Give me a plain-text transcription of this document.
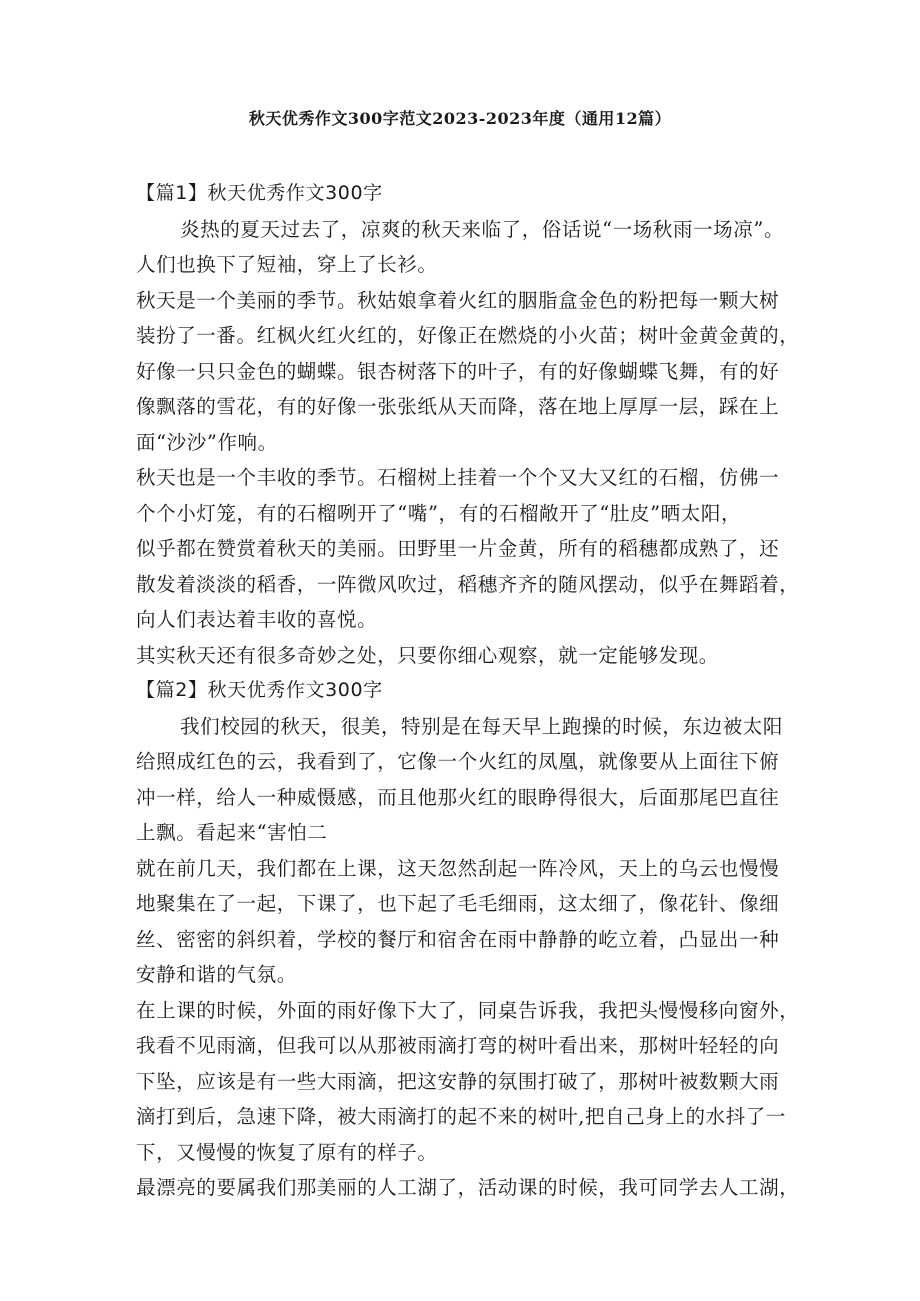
秋天优秀作文300字范文2023-2023年度（通用12篇）
【篇1】秋天优秀作文300字
炎热的夏天过去了，凉爽的秋天来临了，俗话说“一场秋雨一场凉”。
人们也换下了短袖，穿上了长衫。
秋天是一个美丽的季节。秋姑娘拿着火红的胭脂盒金色的粉把每一颗大树
装扮了一番。红枫火红火红的，好像正在燃烧的小火苗；树叶金黄金黄的，
好像一只只金色的蝴蝶。银杏树落下的叶子，有的好像蝴蝶飞舞，有的好
像飘落的雪花，有的好像一张张纸从天而降，落在地上厚厚一层，踩在上
面“沙沙”作响。
秋天也是一个丰收的季节。石榴树上挂着一个个又大又红的石榴，仿佛一
个个小灯笼，有的石榴咧开了“嘴”，有的石榴敞开了“肚皮”晒太阳，
似乎都在赞赏着秋天的美丽。田野里一片金黄，所有的稻穗都成熟了，还
散发着淡淡的稻香，一阵微风吹过，稻穗齐齐的随风摆动，似乎在舞蹈着，
向人们表达着丰收的喜悦。
其实秋天还有很多奇妙之处，只要你细心观察，就一定能够发现。
【篇2】秋天优秀作文300字
我们校园的秋天，很美，特别是在每天早上跑操的时候，东边被太阳
给照成红色的云，我看到了，它像一个火红的凤凰，就像要从上面往下俯
冲一样，给人一种威慑感，而且他那火红的眼睁得很大，后面那尾巴直往
上飘。看起来“害怕二
就在前几天，我们都在上课，这天忽然刮起一阵冷风，天上的乌云也慢慢
地聚集在了一起，下课了，也下起了毛毛细雨，这太细了，像花针、像细
丝、密密的斜织着，学校的餐厅和宿舍在雨中静静的屹立着，凸显出一种
安静和谐的气氛。
在上课的时候，外面的雨好像下大了，同桌告诉我，我把头慢慢移向窗外，
我看不见雨滴，但我可以从那被雨滴打弯的树叶看出来，那树叶轻轻的向
下坠，应该是有一些大雨滴，把这安静的氛围打破了，那树叶被数颗大雨
滴打到后，急速下降，被大雨滴打的起不来的树叶,把自己身上的水抖了一
下，又慢慢的恢复了原有的样子。
最漂亮的要属我们那美丽的人工湖了，活动课的时候，我可同学去人工湖，
